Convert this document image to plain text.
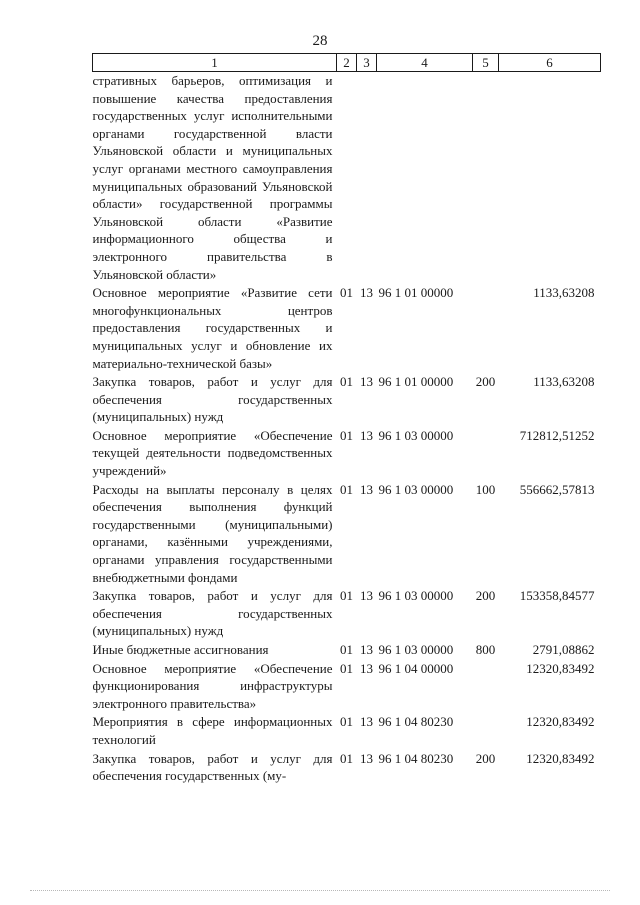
28
1	2	3	4	5	6
стративных барьеров, оптимизация и повышение качества предоставления государственных услуг исполнительными органами государственной власти Ульяновской области и муниципальных услуг органами местного самоуправления муниципальных образований Ульяновской области» государственной программы Ульяновской области «Развитие информационного общества и электронного правительства в Ульяновской области»					
Основное мероприятие «Развитие сети многофункциональных центров предоставления государственных и муниципальных услуг и обновление их материально-технической базы»	01	13	96 1 01 00000		1133,63208
Закупка товаров, работ и услуг для обеспечения государственных (муниципальных) нужд	01	13	96 1 01 00000	200	1133,63208
Основное мероприятие «Обеспечение текущей деятельности подведомственных учреждений»	01	13	96 1 03 00000		712812,51252
Расходы на выплаты персоналу в целях обеспечения выполнения функций государственными (муниципальными) органами, казёнными учреждениями, органами управления государственными внебюджетными фондами	01	13	96 1 03 00000	100	556662,57813
Закупка товаров, работ и услуг для обеспечения государственных (муниципальных) нужд	01	13	96 1 03 00000	200	153358,84577
Иные бюджетные ассигнования	01	13	96 1 03 00000	800	2791,08862
Основное мероприятие «Обеспечение функционирования инфраструктуры электронного правительства»	01	13	96 1 04 00000		12320,83492
Мероприятия в сфере информационных технологий	01	13	96 1 04 80230		12320,83492
Закупка товаров, работ и услуг для обеспечения государственных (му-	01	13	96 1 04 80230	200	12320,83492
